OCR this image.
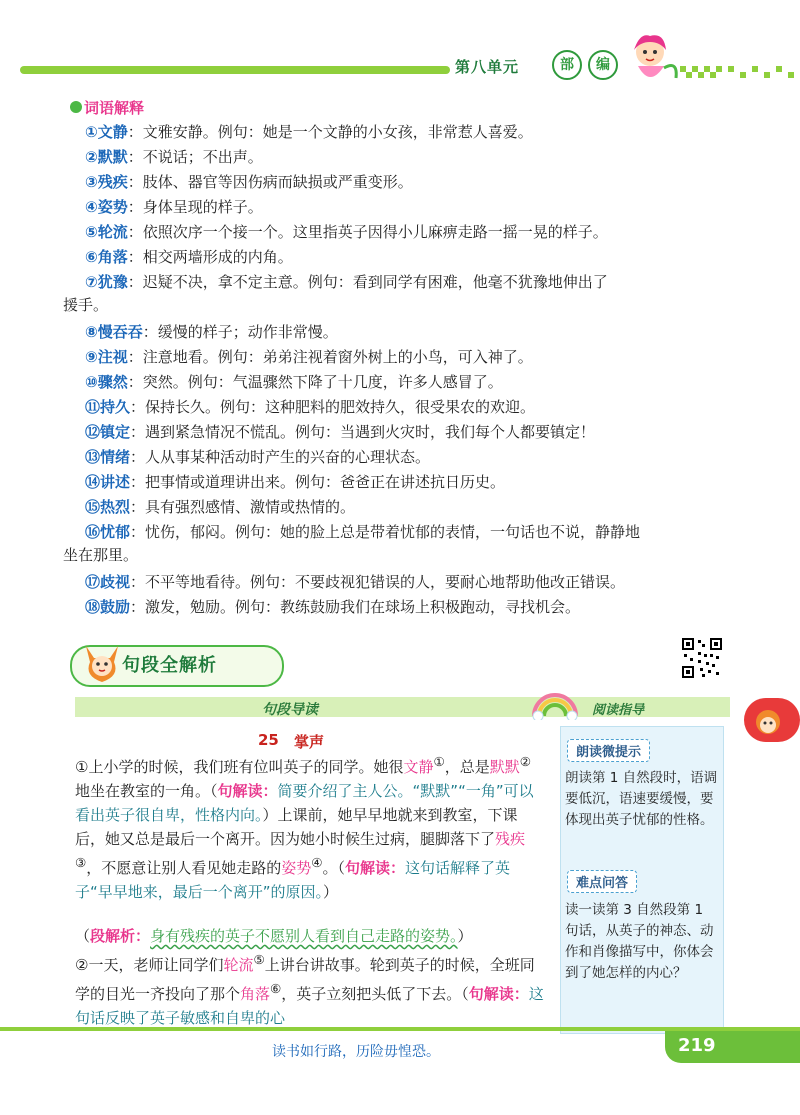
第八单元	部	编
词语解释
①文静：文雅安静。例句：她是一个文静的小女孩，非常惹人喜爱。
②默默：不说话；不出声。
③残疾：肢体、器官等因伤病而缺损或严重变形。
④姿势：身体呈现的样子。
⑤轮流：依照次序一个接一个。这里指英子因得小儿麻痹走路一摇一晃的样子。
⑥角落：相交两墙形成的内角。
⑦犹豫：迟疑不决，拿不定主意。例句：看到同学有困难，他毫不犹豫地伸出了
援手。
⑧慢吞吞：缓慢的样子；动作非常慢。
⑨注视：注意地看。例句：弟弟注视着窗外树上的小鸟，可入神了。
⑩骤然：突然。例句：气温骤然下降了十几度，许多人感冒了。
⑪持久：保持长久。例句：这种肥料的肥效持久，很受果农的欢迎。
⑫镇定：遇到紧急情况不慌乱。例句：当遇到火灾时，我们每个人都要镇定！
⑬情绪：人从事某种活动时产生的兴奋的心理状态。
⑭讲述：把事情或道理讲出来。例句：爸爸正在讲述抗日历史。
⑮热烈：具有强烈感情、激情或热情的。
⑯忧郁：忧伤，郁闷。例句：她的脸上总是带着忧郁的表情，一句话也不说，静静地
坐在那里。
⑰歧视：不平等地看待。例句：不要歧视犯错误的人，要耐心地帮助他改正错误。
⑱鼓励：激发，勉励。例句：教练鼓励我们在球场上积极跑动，寻找机会。
句段全解析
句段导读	阅读指导
25 掌声
①上小学的时候，我们班有位叫英子的同学。她很文静①，总是默默②地坐在教室的一角。（句解读：简要介绍了主人公。“默默”“一角”可以看出英子很自卑，性格内向。）上课前，她早早地就来到教室，下课后，她又总是最后一个离开。因为她小时候生过病，腿脚落下了残疾③，不愿意让别人看见她走路的姿势④。（句解读：这句话解释了英子“早早地来，最后一个离开”的原因。）
（段解析：身有残疾的英子不愿别人看到自己走路的姿势。）
②一天，老师让同学们轮流⑤上讲台讲故事。轮到英子的时候，全班同学的目光一齐投向了那个角落⑥，英子立刻把头低了下去。（句解读：这句话反映了英子敏感和自卑的心
朗读微提示
朗读第 1 自然段时，语调要低沉，语速要缓慢，要体现出英子忧郁的性格。
难点问答
读一读第 3 自然段第 1 句话，从英子的神态、动作和肖像描写中，你体会到了她怎样的内心？
读书如行路，历险毋惶恐。	219
